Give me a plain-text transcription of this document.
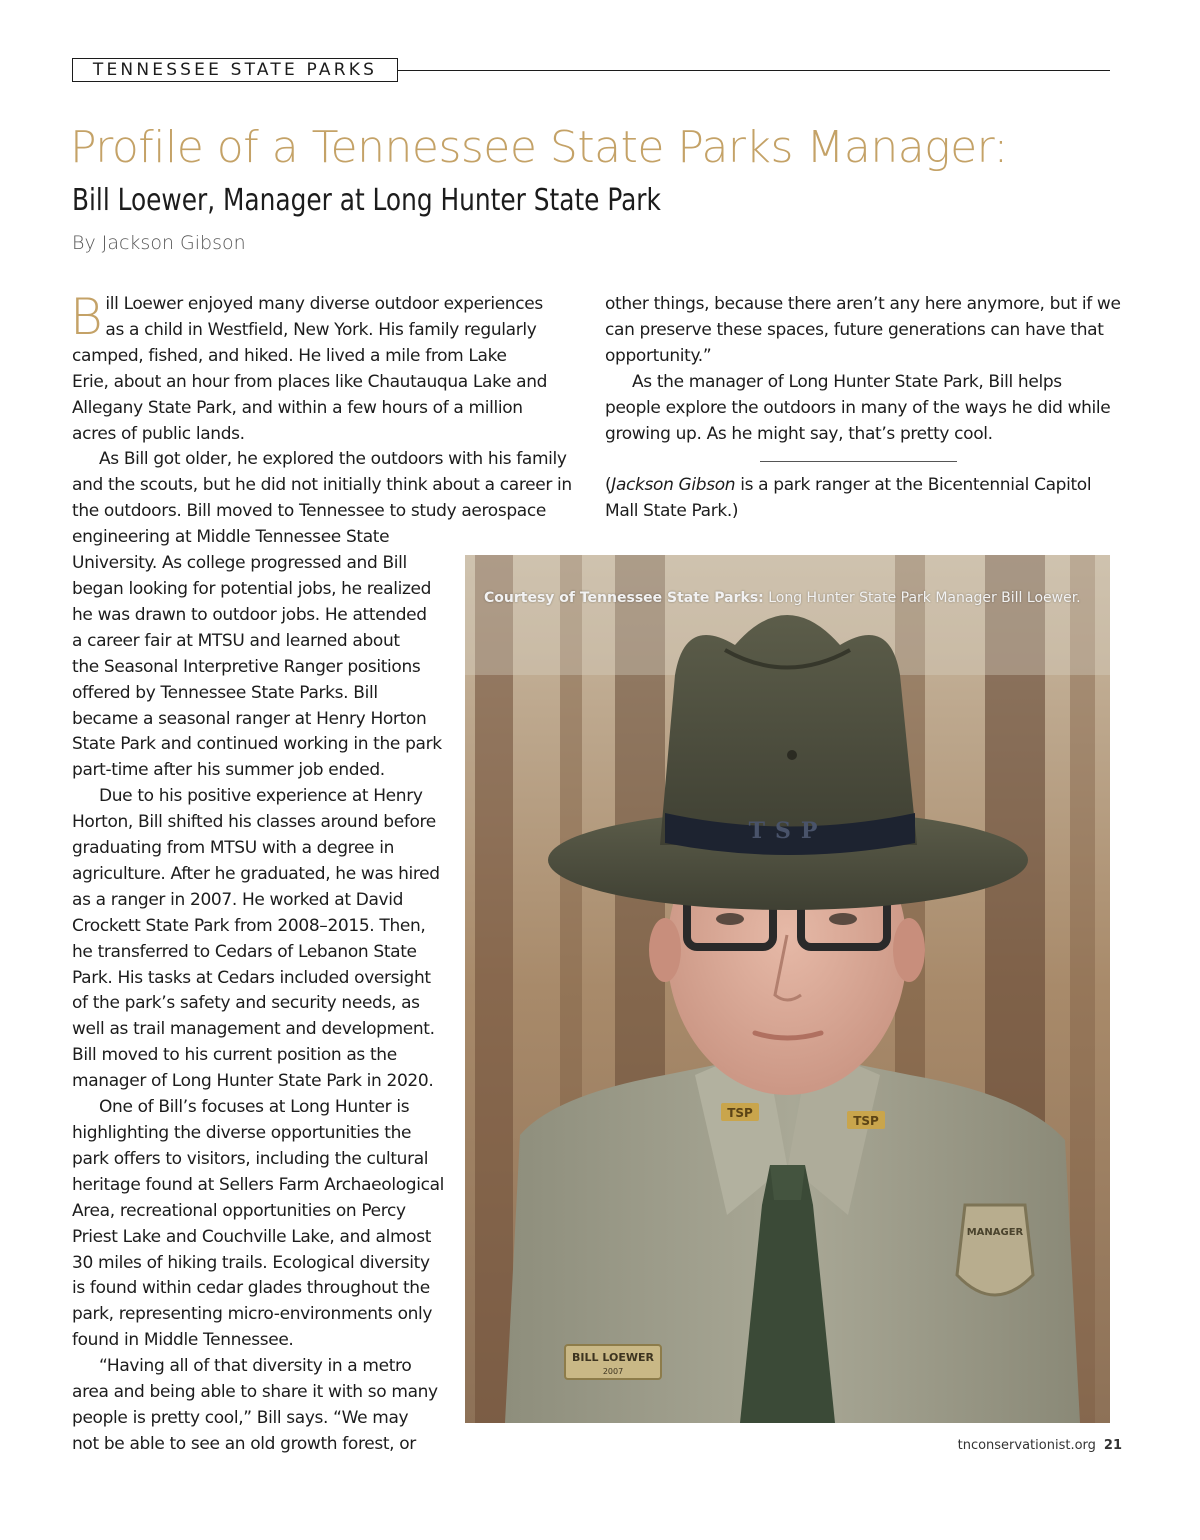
TENNESSEE STATE PARKS
Profile of a Tennessee State Parks Manager:
Bill Loewer, Manager at Long Hunter State Park
By Jackson Gibson

B ill Loewer enjoyed many diverse outdoor experiences
as a child in Westfield, New York. His family regularly
camped, fished, and hiked. He lived a mile from Lake
Erie, about an hour from places like Chautauqua Lake and
Allegany State Park, and within a few hours of a million
acres of public lands.

As Bill got older, he explored the outdoors with his family
and the scouts, but he did not initially think about a career in
the outdoors. Bill moved to Tennessee to study aerospace
engineering at Middle Tennessee State
University. As college progressed and Bill
began looking for potential jobs, he realized
he was drawn to outdoor jobs. He attended
a career fair at MTSU and learned about
the Seasonal Interpretive Ranger positions
offered by Tennessee State Parks. Bill
became a seasonal ranger at Henry Horton
State Park and continued working in the park
part-time after his summer job ended.

Due to his positive experience at Henry
Horton, Bill shifted his classes around before
graduating from MTSU with a degree in
agriculture. After he graduated, he was hired
as a ranger in 2007. He worked at David
Crockett State Park from 2008–2015. Then,
he transferred to Cedars of Lebanon State
Park. His tasks at Cedars included oversight
of the park’s safety and security needs, as
well as trail management and development.
Bill moved to his current position as the
manager of Long Hunter State Park in 2020.

One of Bill’s focuses at Long Hunter is
highlighting the diverse opportunities the
park offers to visitors, including the cultural
heritage found at Sellers Farm Archaeological
Area, recreational opportunities on Percy
Priest Lake and Couchville Lake, and almost
30 miles of hiking trails. Ecological diversity
is found within cedar glades throughout the
park, representing micro-environments only
found in Middle Tennessee.

“Having all of that diversity in a metro
area and being able to share it with so many
people is pretty cool,” Bill says. “We may
not be able to see an old growth forest, or

other things, because there aren’t any here anymore, but if we
can preserve these spaces, future generations can have that
opportunity.”

As the manager of Long Hunter State Park, Bill helps
people explore the outdoors in many of the ways he did while
growing up. As he might say, that’s pretty cool.

(Jackson Gibson is a park ranger at the Bicentennial Capitol
Mall State Park.)
TSP
TSP
TSP
MANAGER
BILL LOEWER
2007
Courtesy of Tennessee State Parks: Long Hunter State Park Manager Bill Loewer.
tnconservationist.org 21
